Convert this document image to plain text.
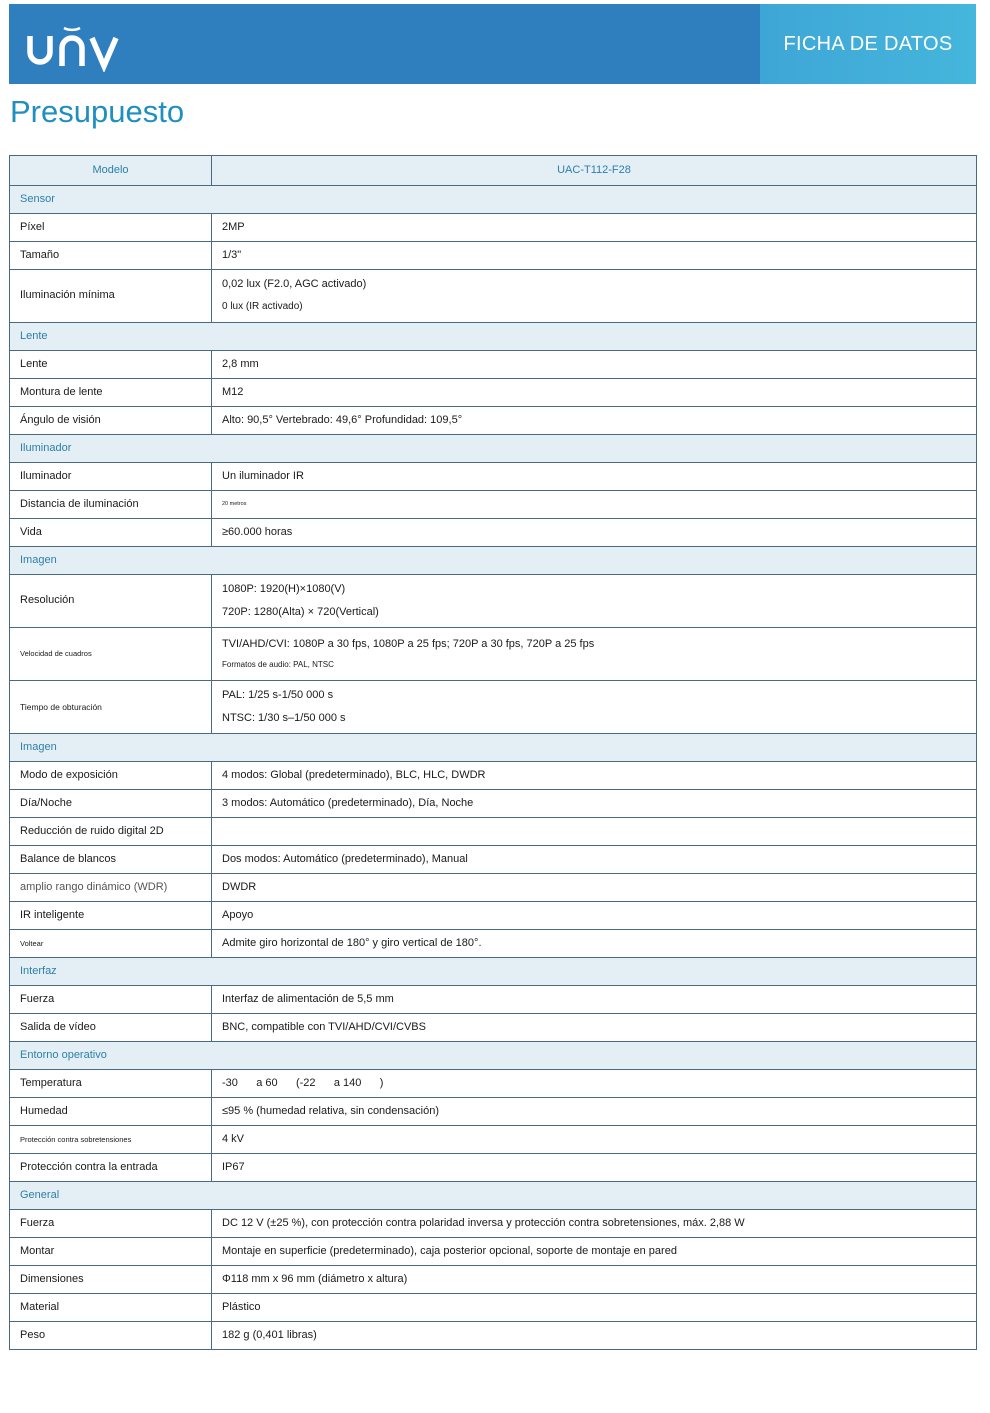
FICHA DE DATOS
Presupuesto
Modelo	UAC-T112-F28
Sensor	
Píxel	2MP
Tamaño	1/3"
Iluminación mínima	0,02 lux (F2.0, AGC activado)
0 lux (IR activado)

Lente	
Lente	2,8 mm
Montura de lente	M12
Ángulo de visión	Alto: 90,5° Vertebrado: 49,6° Profundidad: 109,5°
Iluminador	
Iluminador	Un iluminador IR
Distancia de iluminación	20 metros
Vida	≥60.000 horas
Imagen	
Resolución	1080P: 1920(H)×1080(V)
720P: 1280(Alta) × 720(Vertical)

Velocidad de cuadros	TVI/AHD/CVI: 1080P a 30 fps, 1080P a 25 fps; 720P a 30 fps, 720P a 25 fps
Formatos de audio: PAL, NTSC

Tiempo de obturación	PAL: 1/25 s-1/50 000 s
NTSC: 1/30 s–1/50 000 s

Imagen	
Modo de exposición	4 modos: Global (predeterminado), BLC, HLC, DWDR
Día/Noche	3 modos: Automático (predeterminado), Día, Noche
Reducción de ruido digital 2D	
Balance de blancos	Dos modos: Automático (predeterminado), Manual
amplio rango dinámico (WDR)	DWDR
IR inteligente	Apoyo
Voltear	Admite giro horizontal de 180° y giro vertical de 180°.
Interfaz	
Fuerza	Interfaz de alimentación de 5,5 mm
Salida de vídeo	BNC, compatible con TVI/AHD/CVI/CVBS
Entorno operativo	
Temperatura	-30      a 60      (-22      a 140      )
Humedad	≤95 % (humedad relativa, sin condensación)
Protección contra sobretensiones	4 kV
Protección contra la entrada	IP67
General	
Fuerza	DC 12 V (±25 %), con protección contra polaridad inversa y protección contra sobretensiones, máx. 2,88 W
Montar	Montaje en superficie (predeterminado), caja posterior opcional, soporte de montaje en pared
Dimensiones	Φ118 mm x 96 mm (diámetro x altura)
Material	Plástico
Peso	182 g (0,401 libras)
